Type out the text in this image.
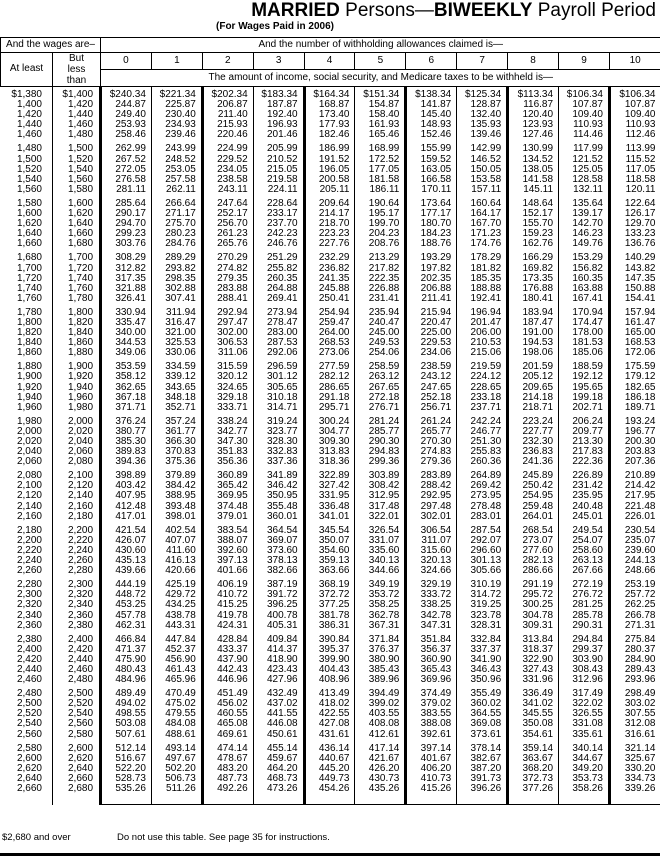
MARRIED Persons—BIWEEKLY Payroll Period
(For Wages Paid in 2006)
And the wages are–		And the number of withholding allowances claimed is—										
At least	But less than	0	1	2	3	4	5	6	7	8	9	10
		The amount of income, social security, and Medicare taxes to be withheld is—										
$1,380	$1,400	$240.34	$221.34	$202.34	$183.34	$164.34	$151.34	$138.34	$125.34	$113.34	$106.34	$106.34
1,400	1,420	244.87	225.87	206.87	187.87	168.87	154.87	141.87	128.87	116.87	107.87	107.87
1,420	1,440	249.40	230.40	211.40	192.40	173.40	158.40	145.40	132.40	120.40	109.40	109.40
1,440	1,460	253.93	234.93	215.93	196.93	177.93	161.93	148.93	135.93	123.93	110.93	110.93
1,460	1,480	258.46	239.46	220.46	201.46	182.46	165.46	152.46	139.46	127.46	114.46	112.46
1,480	1,500	262.99	243.99	224.99	205.99	186.99	168.99	155.99	142.99	130.99	117.99	113.99
1,500	1,520	267.52	248.52	229.52	210.52	191.52	172.52	159.52	146.52	134.52	121.52	115.52
1,520	1,540	272.05	253.05	234.05	215.05	196.05	177.05	163.05	150.05	138.05	125.05	117.05
1,540	1,560	276.58	257.58	238.58	219.58	200.58	181.58	166.58	153.58	141.58	128.58	118.58
1,560	1,580	281.11	262.11	243.11	224.11	205.11	186.11	170.11	157.11	145.11	132.11	120.11
1,580	1,600	285.64	266.64	247.64	228.64	209.64	190.64	173.64	160.64	148.64	135.64	122.64
1,600	1,620	290.17	271.17	252.17	233.17	214.17	195.17	177.17	164.17	152.17	139.17	126.17
1,620	1,640	294.70	275.70	256.70	237.70	218.70	199.70	180.70	167.70	155.70	142.70	129.70
1,640	1,660	299.23	280.23	261.23	242.23	223.23	204.23	184.23	171.23	159.23	146.23	133.23
1,660	1,680	303.76	284.76	265.76	246.76	227.76	208.76	188.76	174.76	162.76	149.76	136.76
1,680	1,700	308.29	289.29	270.29	251.29	232.29	213.29	193.29	178.29	166.29	153.29	140.29
1,700	1,720	312.82	293.82	274.82	255.82	236.82	217.82	197.82	181.82	169.82	156.82	143.82
1,720	1,740	317.35	298.35	279.35	260.35	241.35	222.35	202.35	185.35	173.35	160.35	147.35
1,740	1,760	321.88	302.88	283.88	264.88	245.88	226.88	206.88	188.88	176.88	163.88	150.88
1,760	1,780	326.41	307.41	288.41	269.41	250.41	231.41	211.41	192.41	180.41	167.41	154.41
1,780	1,800	330.94	311.94	292.94	273.94	254.94	235.94	215.94	196.94	183.94	170.94	157.94
1,800	1,820	335.47	316.47	297.47	278.47	259.47	240.47	220.47	201.47	187.47	174.47	161.47
1,820	1,840	340.00	321.00	302.00	283.00	264.00	245.00	225.00	206.00	191.00	178.00	165.00
1,840	1,860	344.53	325.53	306.53	287.53	268.53	249.53	229.53	210.53	194.53	181.53	168.53
1,860	1,880	349.06	330.06	311.06	292.06	273.06	254.06	234.06	215.06	198.06	185.06	172.06
1,880	1,900	353.59	334.59	315.59	296.59	277.59	258.59	238.59	219.59	201.59	188.59	175.59
1,900	1,920	358.12	339.12	320.12	301.12	282.12	263.12	243.12	224.12	205.12	192.12	179.12
1,920	1,940	362.65	343.65	324.65	305.65	286.65	267.65	247.65	228.65	209.65	195.65	182.65
1,940	1,960	367.18	348.18	329.18	310.18	291.18	272.18	252.18	233.18	214.18	199.18	186.18
1,960	1,980	371.71	352.71	333.71	314.71	295.71	276.71	256.71	237.71	218.71	202.71	189.71
1,980	2,000	376.24	357.24	338.24	319.24	300.24	281.24	261.24	242.24	223.24	206.24	193.24
2,000	2,020	380.77	361.77	342.77	323.77	304.77	285.77	265.77	246.77	227.77	209.77	196.77
2,020	2,040	385.30	366.30	347.30	328.30	309.30	290.30	270.30	251.30	232.30	213.30	200.30
2,040	2,060	389.83	370.83	351.83	332.83	313.83	294.83	274.83	255.83	236.83	217.83	203.83
2,060	2,080	394.36	375.36	356.36	337.36	318.36	299.36	279.36	260.36	241.36	222.36	207.36
2,080	2,100	398.89	379.89	360.89	341.89	322.89	303.89	283.89	264.89	245.89	226.89	210.89
2,100	2,120	403.42	384.42	365.42	346.42	327.42	308.42	288.42	269.42	250.42	231.42	214.42
2,120	2,140	407.95	388.95	369.95	350.95	331.95	312.95	292.95	273.95	254.95	235.95	217.95
2,140	2,160	412.48	393.48	374.48	355.48	336.48	317.48	297.48	278.48	259.48	240.48	221.48
2,160	2,180	417.01	398.01	379.01	360.01	341.01	322.01	302.01	283.01	264.01	245.01	226.01
2,180	2,200	421.54	402.54	383.54	364.54	345.54	326.54	306.54	287.54	268.54	249.54	230.54
2,200	2,220	426.07	407.07	388.07	369.07	350.07	331.07	311.07	292.07	273.07	254.07	235.07
2,220	2,240	430.60	411.60	392.60	373.60	354.60	335.60	315.60	296.60	277.60	258.60	239.60
2,240	2,260	435.13	416.13	397.13	378.13	359.13	340.13	320.13	301.13	282.13	263.13	244.13
2,260	2,280	439.66	420.66	401.66	382.66	363.66	344.66	324.66	305.66	286.66	267.66	248.66
2,280	2,300	444.19	425.19	406.19	387.19	368.19	349.19	329.19	310.19	291.19	272.19	253.19
2,300	2,320	448.72	429.72	410.72	391.72	372.72	353.72	333.72	314.72	295.72	276.72	257.72
2,320	2,340	453.25	434.25	415.25	396.25	377.25	358.25	338.25	319.25	300.25	281.25	262.25
2,340	2,360	457.78	438.78	419.78	400.78	381.78	362.78	342.78	323.78	304.78	285.78	266.78
2,360	2,380	462.31	443.31	424.31	405.31	386.31	367.31	347.31	328.31	309.31	290.31	271.31
2,380	2,400	466.84	447.84	428.84	409.84	390.84	371.84	351.84	332.84	313.84	294.84	275.84
2,400	2,420	471.37	452.37	433.37	414.37	395.37	376.37	356.37	337.37	318.37	299.37	280.37
2,420	2,440	475.90	456.90	437.90	418.90	399.90	380.90	360.90	341.90	322.90	303.90	284.90
2,440	2,460	480.43	461.43	442.43	423.43	404.43	385.43	365.43	346.43	327.43	308.43	289.43
2,460	2,480	484.96	465.96	446.96	427.96	408.96	389.96	369.96	350.96	331.96	312.96	293.96
2,480	2,500	489.49	470.49	451.49	432.49	413.49	394.49	374.49	355.49	336.49	317.49	298.49
2,500	2,520	494.02	475.02	456.02	437.02	418.02	399.02	379.02	360.02	341.02	322.02	303.02
2,520	2,540	498.55	479.55	460.55	441.55	422.55	403.55	383.55	364.55	345.55	326.55	307.55
2,540	2,560	503.08	484.08	465.08	446.08	427.08	408.08	388.08	369.08	350.08	331.08	312.08
2,560	2,580	507.61	488.61	469.61	450.61	431.61	412.61	392.61	373.61	354.61	335.61	316.61
2,580	2,600	512.14	493.14	474.14	455.14	436.14	417.14	397.14	378.14	359.14	340.14	321.14
2,600	2,620	516.67	497.67	478.67	459.67	440.67	421.67	401.67	382.67	363.67	344.67	325.67
2,620	2,640	522.20	502.20	483.20	464.20	445.20	426.20	406.20	387.20	368.20	349.20	330.20
2,640	2,660	528.73	506.73	487.73	468.73	449.73	430.73	410.73	391.73	372.73	353.73	334.73
2,660	2,680	535.26	511.26	492.26	473.26	454.26	435.26	415.26	396.26	377.26	358.26	339.26
$2,680 and over	Do not use this table. See page 35 for instructions.
